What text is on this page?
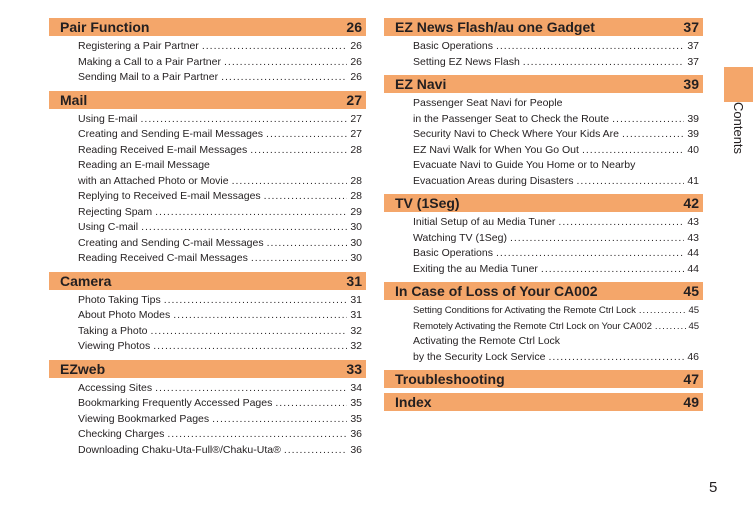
Pair Function	26
Registering a Pair Partner .....	26
Making a Call to a Pair Partner .....	26
Sending Mail to a Pair Partner .....	26
Mail	27
Using E-mail .....	27
Creating and Sending E-mail Messages .....	27
Reading Received E-mail Messages .....	28
Reading an E-mail Message
with an Attached Photo or Movie .....	28
Replying to Received E-mail Messages .....	28
Rejecting Spam .....	29
Using C-mail .....	30
Creating and Sending C-mail Messages .....	30
Reading Received C-mail Messages .....	30
Camera	31
Photo Taking Tips .....	31
About Photo Modes .....	31
Taking a Photo .....	32
Viewing Photos .....	32
EZweb	33
Accessing Sites .....	34
Bookmarking Frequently Accessed Pages .....	35
Viewing Bookmarked Pages .....	35
Checking Charges .....	36
Downloading Chaku-Uta-Full®/Chaku-Uta® .....	36
EZ News Flash/au one Gadget	37
Basic Operations .....	37
Setting EZ News Flash .....	37
EZ Navi	39
Passenger Seat Navi for People
in the Passenger Seat to Check the Route .....	39
Security Navi to Check Where Your Kids Are .....	39
EZ Navi Walk for When You Go Out .....	40
Evacuate Navi to Guide You Home or to Nearby
Evacuation Areas during Disasters .....	41
TV (1Seg)	42
Initial Setup of au Media Tuner .....	43
Watching TV (1Seg) .....	43
Basic Operations .....	44
Exiting the au Media Tuner .....	44
In Case of Loss of Your CA002	45
Setting Conditions for Activating the Remote Ctrl Lock .....	45
Remotely Activating the Remote Ctrl Lock on Your CA002 .....	45
Activating the Remote Ctrl Lock
by the Security Lock Service .....	46
Troubleshooting	47
Index	49
Contents
5
